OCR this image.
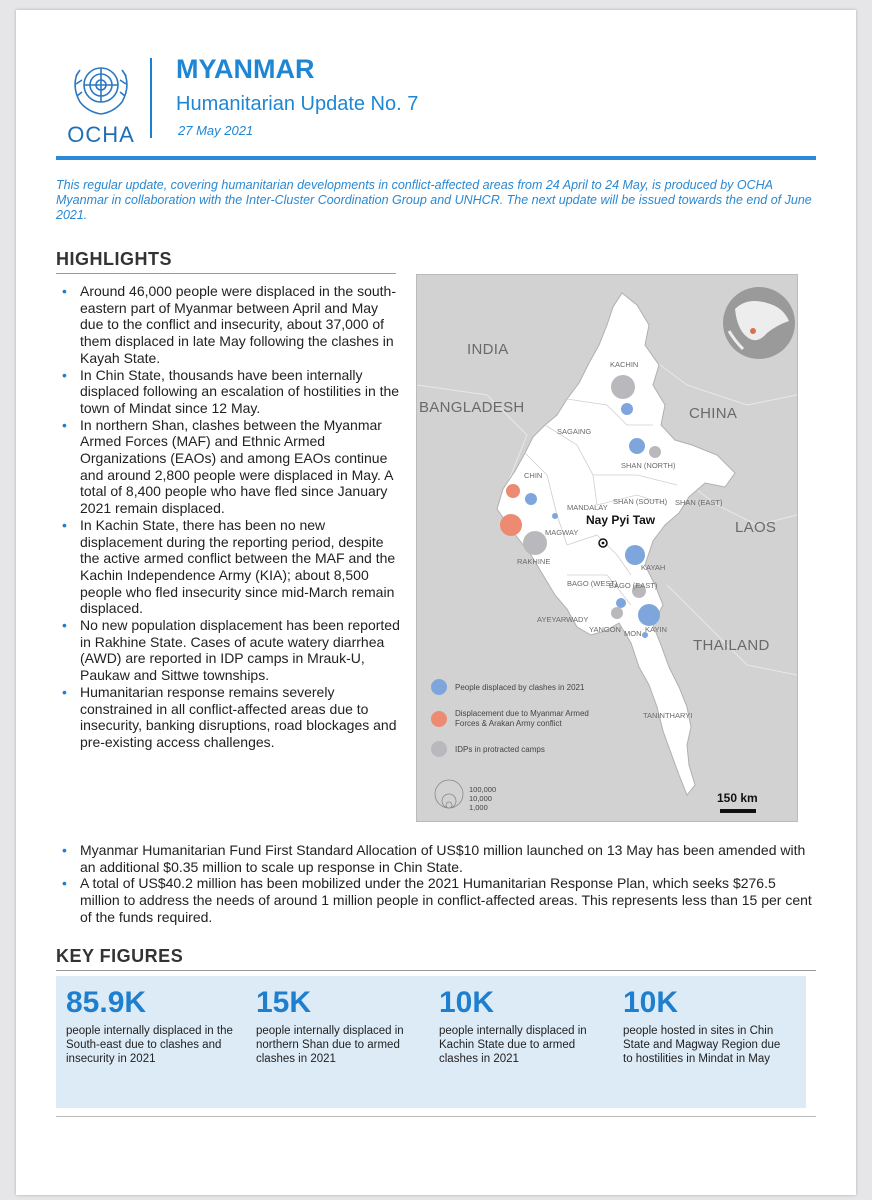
OCHA
MYANMAR
Humanitarian Update No. 7
27 May 2021
This regular update, covering humanitarian developments in conflict-affected areas from 24 April to 24 May, is produced by OCHA Myanmar in collaboration with the Inter-Cluster Coordination Group and UNHCR. The next update will be issued towards the end of June 2021.
HIGHLIGHTS
• Around 46,000 people were displaced in the south-eastern part of Myanmar between April and May due to the conflict and insecurity, about 37,000 of them displaced in late May following the clashes in Kayah State.
• In Chin State, thousands have been internally displaced following an escalation of hostilities in the town of Mindat since 12 May.
• In northern Shan, clashes between the Myanmar Armed Forces (MAF) and Ethnic Armed Organizations (EAOs) and among EAOs continue and around 2,800 people were displaced in May. A total of 8,400 people who have fled since January 2021 remain displaced.
• In Kachin State, there has been no new displacement during the reporting period, despite the active armed conflict between the MAF and the Kachin Independence Army (KIA); about 8,500 people who fled insecurity since mid-March remain displaced.
• No new population displacement has been reported in Rakhine State. Cases of acute watery diarrhea (AWD) are reported in IDP camps in Mrauk-U, Paukaw and Sittwe townships.
• Humanitarian response remains severely constrained in all conflict-affected areas due to insecurity, banking disruptions, road blockages and pre-existing access challenges.
• Myanmar Humanitarian Fund First Standard Allocation of US$10 million launched on 13 May has been amended with an additional $0.35 million to scale up response in Chin State.
• A total of US$40.2 million has been mobilized under the 2021 Humanitarian Response Plan, which seeks $276.5 million to address the needs of around 1 million people in conflict-affected areas. This represents less than 15 per cent of the funds required.
INDIA
BANGLADESH	CHINA
LAOS
THAILAND
KACHIN
SAGAING
CHIN
MANDALAY
SHAN (NORTH)
SHAN (SOUTH) SHAN (EAST)
MAGWAY
RAKHINE
KAYAH
BAGO (WEST)
BAGO (EAST)
AYEYARWADY
YANGON MON KAYIN
TANINTHARYI
Nay Pyi Taw
People displaced by clashes in 2021
Displacement due to Myanmar Armed Forces & Arakan Army conflict
IDPs in protracted camps
100,000
10,000
1,000
150 km
KEY FIGURES
85.9K
people internally displaced in the South-east due to clashes and insecurity in 2021
15K
people internally displaced in northern Shan due to armed clashes in 2021
10K
people internally displaced in Kachin State due to armed clashes in 2021
10K
people hosted in sites in Chin State and Magway Region due to hostilities in Mindat in May
